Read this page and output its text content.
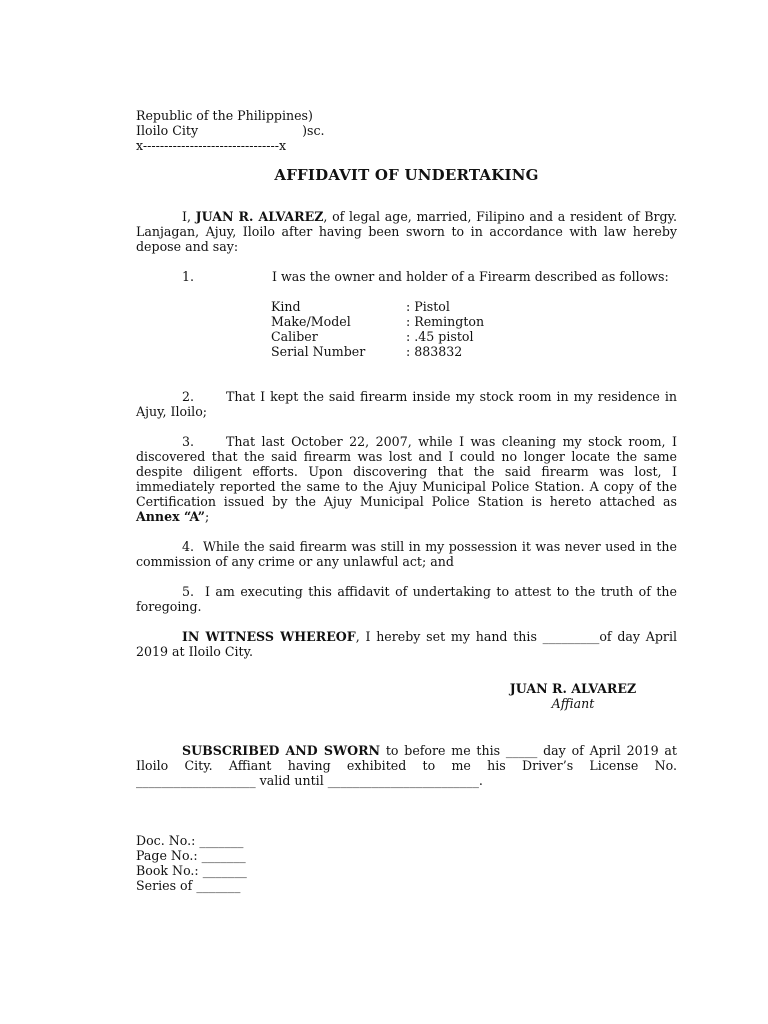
Republic of the Philippines)
Iloilo City	)sc.
x--------------------------------x
AFFIDAVIT OF UNDERTAKING

I, JUAN R. ALVAREZ, of legal age, married, Filipino and a resident of Brgy. Lanjagan, Ajuy, Iloilo after having been sworn to in accordance with law hereby depose and say:

1.	I was the owner and holder of a Firearm described as follows:

Kind	: Pistol
Make/Model	: Remington
Caliber	: .45 pistol
Serial Number	: 883832

2.	That I kept the said firearm inside my stock room in my residence in Ajuy, Iloilo;

3.	That last October 22, 2007, while I was cleaning my stock room, I discovered that the said firearm was lost and I could no longer locate the same despite diligent efforts. Upon discovering that the said firearm was lost, I immediately reported the same to the Ajuy Municipal Police Station. A copy of the Certification issued by the Ajuy Municipal Police Station is hereto attached as Annex “A”;

4. While the said firearm was still in my possession it was never used in the commission of any crime or any unlawful act; and

5. I am executing this affidavit of undertaking to attest to the truth of the foregoing.

IN WITNESS WHEREOF, I hereby set my hand this _________of day April 2019 at Iloilo City.

JUAN R. ALVAREZ
Affiant

SUBSCRIBED AND SWORN to before me this _____ day of April 2019 at Iloilo City. Affiant having exhibited to me his Driver’s License No. ___________________ valid until ________________________.

Doc. No.: _______
Page No.: _______
Book No.: _______
Series of _______
